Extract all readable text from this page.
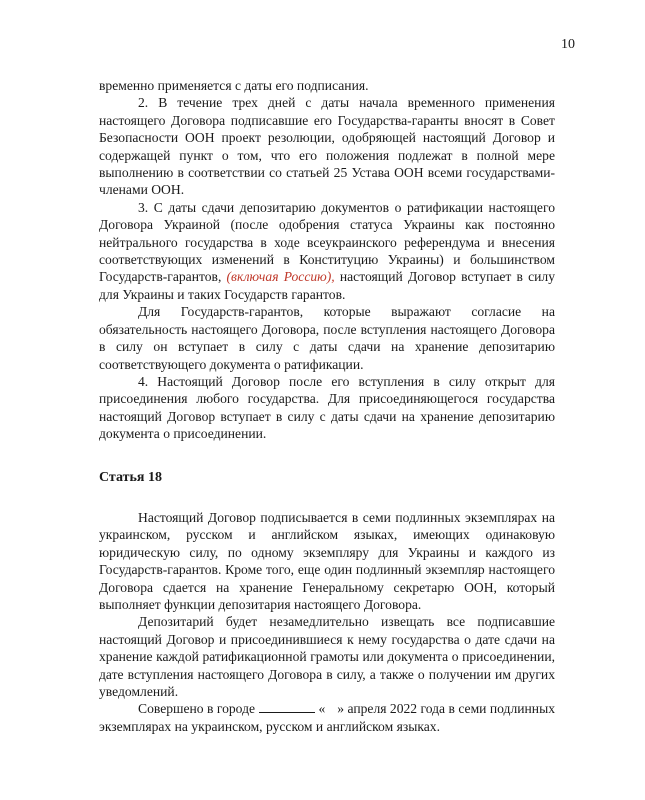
10

временно применяется с даты его подписания.

2. В течение трех дней с даты начала временного применения настоящего Договора подписавшие его Государства-гаранты вносят в Совет Безопасности ООН проект резолюции, одобряющей настоящий Договор и содержащей пункт о том, что его положения подлежат в полной мере выполнению в соответствии со статьей 25 Устава ООН всеми государствами-членами ООН.

3. С даты сдачи депозитарию документов о ратификации настоящего Договора Украиной (после одобрения статуса Украины как постоянно нейтрального государства в ходе всеукраинского референдума и внесения соответствующих изменений в Конституцию Украины) и большинством Государств-гарантов, (включая Россию), настоящий Договор вступает в силу для Украины и таких Государств гарантов.

Для Государств-гарантов, которые выражают согласие на обязательность настоящего Договора, после вступления настоящего Договора в силу он вступает в силу с даты сдачи на хранение депозитарию соответствующего документа о ратификации.

4. Настоящий Договор после его вступления в силу открыт для присоединения любого государства. Для присоединяющегося государства настоящий Договор вступает в силу с даты сдачи на хранение депозитарию документа о присоединении.

Статья 18

Настоящий Договор подписывается в семи подлинных экземплярах на украинском, русском и английском языках, имеющих одинаковую юридическую силу, по одному экземпляру для Украины и каждого из Государств-гарантов. Кроме того, еще один подлинный экземпляр настоящего Договора сдается на хранение Генеральному секретарю ООН, который выполняет функции депозитария настоящего Договора.

Депозитарий будет незамедлительно извещать все подписавшие настоящий Договор и присоединившиеся к нему государства о дате сдачи на хранение каждой ратификационной грамоты или документа о присоединении, дате вступления настоящего Договора в силу, а также о получении им других уведомлений.

Совершено в городе	« » апреля 2022 года в семи подлинных экземплярах на украинском, русском и английском языках.
